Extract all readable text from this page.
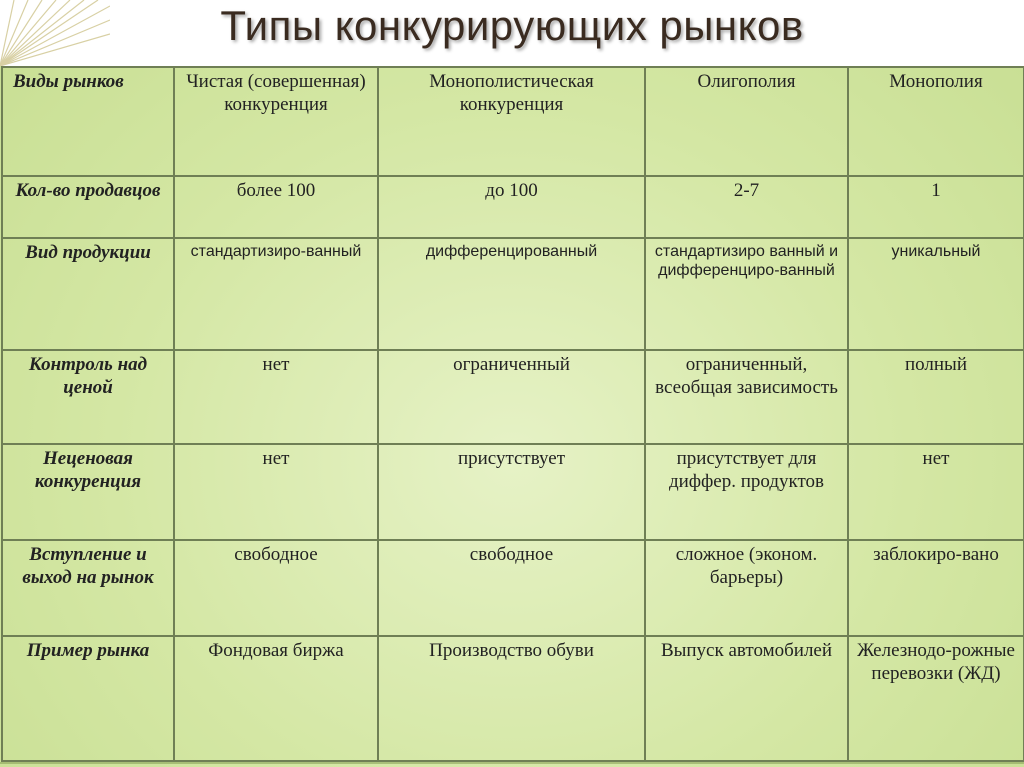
Типы конкурирующих рынков
Виды рынков	Чистая (совершенная) конкуренция	Монополистическая конкуренция	Олигополия	Монополия
Кол-во продавцов	более 100	до 100	2-7	1
Вид продукции	стандартизиро-ванный	дифференцированный	стандартизиро ванный и дифференциро-ванный	уникальный
Контроль над ценой	нет	ограниченный	ограниченный, всеобщая зависимость	полный
Неценовая конкуренция	нет	присутствует	присутствует для диффер. продуктов	нет
Вступление и выход на рынок	свободное	свободное	сложное (эконом. барьеры)	заблокиро-вано
Пример рынка	Фондовая биржа	Производство обуви	Выпуск автомобилей	Железнодо-рожные перевозки (ЖД)
